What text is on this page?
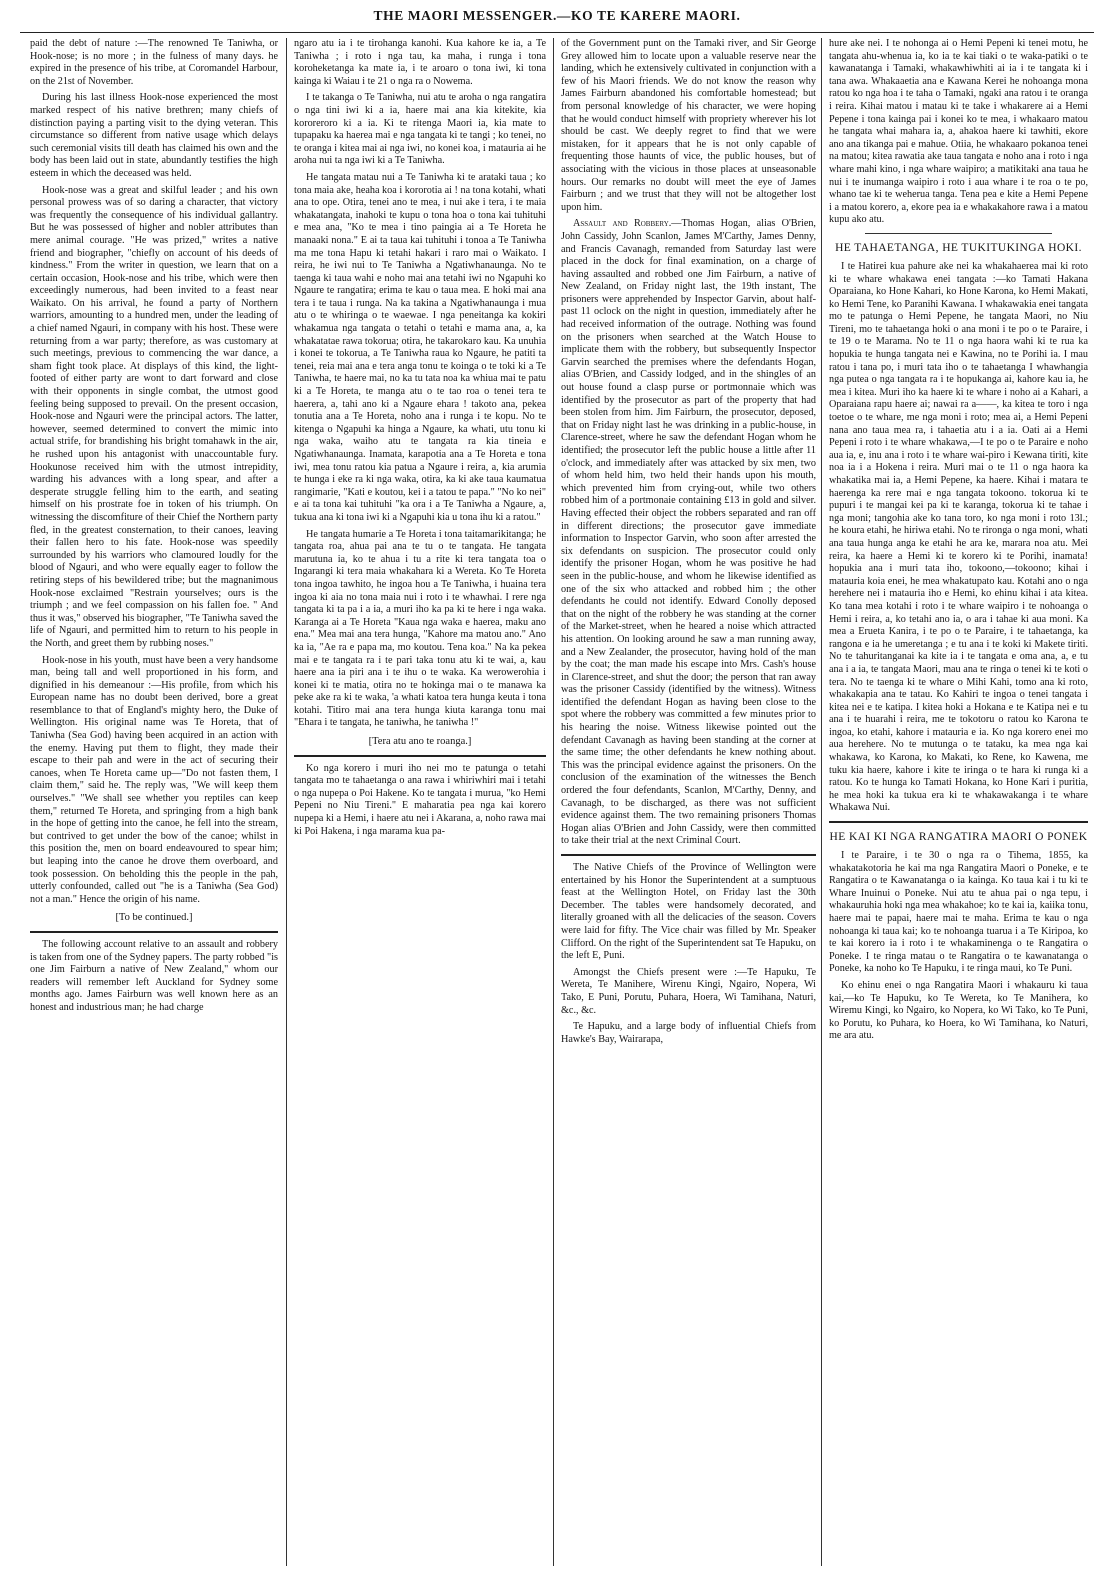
THE MAORI MESSENGER.—KO TE KARERE MAORI.

paid the debt of nature :—The renowned Te Taniwha, or Hook-nose; is no more ; in the fulness of many days. he expired in the presence of his tribe, at Coromandel Harbour, on the 21st of November.

During his last illness Hook-nose experienced the most marked respect of his native brethren; many chiefs of distinction paying a parting visit to the dying veteran. This circumstance so different from native usage which delays such ceremonial visits till death has claimed his own and the body has been laid out in state, abundantly testifies the high esteem in which the deceased was held.

Hook-nose was a great and skilful leader ; and his own personal prowess was of so daring a character, that victory was frequently the consequence of his individual gallantry. But he was possessed of higher and nobler attributes than mere animal courage. "He was prized," writes a native friend and biographer, "chiefly on account of his deeds of kindness." From the writer in question, we learn that on a certain occasion, Hook-nose and his tribe, which were then exceedingly numerous, had been invited to a feast near Waikato. On his arrival, he found a party of Northern warriors, amounting to a hundred men, under the leading of a chief named Ngauri, in company with his host. These were returning from a war party; therefore, as was customary at such meetings, previous to commencing the war dance, a sham fight took place. At displays of this kind, the light-footed of either party are wont to dart forward and close with their opponents in single combat, the utmost good feeling being supposed to prevail. On the present occasion, Hook-nose and Ngauri were the principal actors. The latter, however, seemed determined to convert the mimic into actual strife, for brandishing his bright tomahawk in the air, he rushed upon his antagonist with unaccountable fury. Hookunose received him with the utmost intrepidity, warding his advances with a long spear, and after a desperate struggle felling him to the earth, and seating himself on his prostrate foe in token of his triumph. On witnessing the discomfiture of their Chief the Northern party fled, in the greatest consternation, to their canoes, leaving their fallen hero to his fate. Hook-nose was speedily surrounded by his warriors who clamoured loudly for the blood of Ngauri, and who were equally eager to follow the retiring steps of his bewildered tribe; but the magnanimous Hook-nose exclaimed "Restrain yourselves; ours is the triumph ; and we feel compassion on his fallen foe. " And thus it was," observed his biographer, "Te Taniwha saved the life of Ngauri, and permitted him to return to his people in the North, and greet them by rubbing noses."

Hook-nose in his youth, must have been a very handsome man, being tall and well proportioned in his form, and dignified in his demeanour :—His profile, from which his European name has no doubt been derived, bore a great resemblance to that of England's mighty hero, the Duke of Wellington. His original name was Te Horeta, that of Taniwha (Sea God) having been acquired in an action with the enemy. Having put them to flight, they made their escape to their pah and were in the act of securing their canoes, when Te Horeta came up—"Do not fasten them, I claim them," said he. The reply was, "We will keep them ourselves." "We shall see whether you reptiles can keep them," returned Te Horeta, and springing from a high bank in the hope of getting into the canoe, he fell into the stream, but contrived to get under the bow of the canoe; whilst in this position the, men on board endeavoured to spear him; but leaping into the canoe he drove them overboard, and took possession. On beholding this the people in the pah, utterly confounded, called out "he is a Taniwha (Sea God) not a man." Hence the origin of his name.

[To be continued.]

The following account relative to an assault and robbery is taken from one of the Sydney papers. The party robbed "is one Jim Fairburn a native of New Zealand," whom our readers will remember left Auckland for Sydney some months ago. James Fairburn was well known here as an honest and industrious man; he had charge

ngaro atu ia i te tirohanga kanohi. Kua kahore ke ia, a Te Taniwha ; i roto i nga tau, ka maha, i runga i tona koroheketanga ka mate ia, i te aroaro o tona iwi, ki tona kainga ki Waiau i te 21 o nga ra o Nowema.

I te takanga o Te Taniwha, nui atu te aroha o nga rangatira o nga tini iwi ki a ia, haere mai ana kia kitekite, kia kororeroro ki a ia. Ki te ritenga Maori ia, kia mate to tupapaku ka haerea mai e nga tangata ki te tangi ; ko tenei, no te oranga i kitea mai ai nga iwi, no konei koa, i matauria ai he aroha nui ta nga iwi ki a Te Taniwha.

He tangata matau nui a Te Taniwha ki te arataki taua ; ko tona maia ake, heaha koa i kororotia ai ! na tona kotahi, whati ana to ope. Otira, tenei ano te mea, i nui ake i tera, i te maia whakatangata, inahoki te kupu o tona hoa o tona kai tuhituhi e mea ana, "Ko te mea i tino paingia ai a Te Horeta he manaaki nona." E ai ta taua kai tuhituhi i tonoa a Te Taniwha ma me tona Hapu ki tetahi hakari i raro mai o Waikato. I reira, he iwi nui to Te Taniwha a Ngatiwhanaunga. No te taenga ki taua wahi e noho mai ana tetahi iwi no Ngapuhi ko Ngaure te rangatira; erima te kau o taua mea. E hoki mai ana tera i te taua i runga. Na ka takina a Ngatiwhanaunga i mua atu o te whiringa o te waewae. I nga peneitanga ka kokiri whakamua nga tangata o tetahi o tetahi e mama ana, a, ka whakatatae rawa tokorua; otira, he takarokaro kau. Ka unuhia i konei te tokorua, a Te Taniwha raua ko Ngaure, he patiti ta tenei, reia mai ana e tera anga tonu te koinga o te toki ki a Te Taniwha, te haere mai, no ka tu tata noa ka whiua mai te patu ki a Te Horeta, te manga atu o te tao roa o tenei tera te haerera, a, tahi ano ki a Ngaure ehara ! takoto ana, pekea tonutia ana a Te Horeta, noho ana i runga i te kopu. No te kitenga o Ngapuhi ka hinga a Ngaure, ka whati, utu tonu ki nga waka, waiho atu te tangata ra kia tineia e Ngatiwhanaunga. Inamata, karapotia ana a Te Horeta e tona iwi, mea tonu ratou kia patua a Ngaure i reira, a, kia arumia te hunga i eke ra ki nga waka, otira, ka ki ake taua kaumatua rangimarie, "Kati e koutou, kei i a tatou te papa." "No ko nei" e ai ta tona kai tuhituhi "ka ora i a Te Taniwha a Ngaure, a, tukua ana ki tona iwi ki a Ngapuhi kia u tona ihu ki a ratou."

He tangata humarie a Te Horeta i tona taitamarikitanga; he tangata roa, ahua pai ana te tu o te tangata. He tangata marutuna ia, ko te ahua i tu a rite ki tera tangata toa o Ingarangi ki tera maia whakahara ki a Wereta. Ko Te Horeta tona ingoa tawhito, he ingoa hou a Te Taniwha, i huaina tera ingoa ki aia no tona maia nui i roto i te whawhai. I rere nga tangata ki ta pa i a ia, a muri iho ka pa ki te here i nga waka. Karanga ai a Te Horeta "Kaua nga waka e haerea, maku ano ena." Mea mai ana tera hunga, "Kahore ma matou ano." Ano ka ia, "Ae ra e papa ma, mo koutou. Tena koa." Na ka pekea mai e te tangata ra i te pari taka tonu atu ki te wai, a, kau haere ana ia piri ana i te ihu o te waka. Ka werowerohia i konei ki te matia, otira no te hokinga mai o te manawa ka peke ake ra ki te waka, 'a whati katoa tera hunga keuta i tona kotahi. Titiro mai ana tera hunga kiuta karanga tonu mai "Ehara i te tangata, he taniwha, he taniwha !"

[Tera atu ano te roanga.]

Ko nga korero i muri iho nei mo te patunga o tetahi tangata mo te tahaetanga o ana rawa i whiriwhiri mai i tetahi o nga nupepa o Poi Hakene. Ko te tangata i murua, "ko Hemi Pepeni no Niu Tireni." E maharatia pea nga kai korero nupepa ki a Hemi, i haere atu nei i Akarana, a, noho rawa mai ki Poi Hakena, i nga marama kua pa-

of the Government punt on the Tamaki river, and Sir George Grey allowed him to locate upon a valuable reserve near the landing, which he extensively cultivated in conjunction with a few of his Maori friends. We do not know the reason why James Fairburn abandoned his comfortable homestead; but from personal knowledge of his character, we were hoping that he would conduct himself with propriety wherever his lot should be cast. We deeply regret to find that we were mistaken, for it appears that he is not only capable of frequenting those haunts of vice, the public houses, but of associating with the vicious in those places at unseasonable hours. Our remarks no doubt will meet the eye of James Fairburn ; and we trust that they will not be altogether lost upon him.

Assault and Robbery.—Thomas Hogan, alias O'Brien, John Cassidy, John Scanlon, James M'Carthy, James Denny, and Francis Cavanagh, remanded from Saturday last were placed in the dock for final examination, on a charge of having assaulted and robbed one Jim Fairburn, a native of New Zealand, on Friday night last, the 19th instant, The prisoners were apprehended by Inspector Garvin, about half-past 11 oclock on the night in question, immediately after he had received information of the outrage. Nothing was found on the prisoners when searched at the Watch House to implicate them with the robbery, but subsequently Inspector Garvin searched the premises where the defendants Hogan, alias O'Brien, and Cassidy lodged, and in the shingles of an out house found a clasp purse or portmonnaie which was identified by the prosecutor as part of the property that had been stolen from him. Jim Fairburn, the prosecutor, deposed, that on Friday night last he was drinking in a public-house, in Clarence-street, where he saw the defendant Hogan whom he identified; the prosecutor left the public house a little after 11 o'clock, and immediately after was attacked by six men, two of whom held him, two held their hands upon his mouth, which prevented him from crying-out, while two others robbed him of a portmonaie containing £13 in gold and silver. Having effected their object the robbers separated and ran off in different directions; the prosecutor gave immediate information to Inspector Garvin, who soon after arrested the six defendants on suspicion. The prosecutor could only identify the prisoner Hogan, whom he was positive he had seen in the public-house, and whom he likewise identified as one of the six who attacked and robbed him ; the other defendants he could not identify. Edward Conolly deposed that on the night of the robbery he was standing at the corner of the Market-street, when he heared a noise which attracted his attention. On looking around he saw a man running away, and a New Zealander, the prosecutor, having hold of the man by the coat; the man made his escape into Mrs. Cash's house in Clarence-street, and shut the door; the person that ran away was the prisoner Cassidy (identified by the witness). Witness identified the defendant Hogan as having been close to the spot where the robbery was committed a few minutes prior to his hearing the noise. Witness likewise pointed out the defendant Cavanagh as having been standing at the corner at the same time; the other defendants he knew nothing about. This was the principal evidence against the prisoners. On the conclusion of the examination of the witnesses the Bench ordered the four defendants, Scanlon, M'Carthy, Denny, and Cavanagh, to be discharged, as there was not sufficient evidence against them. The two remaining prisoners Thomas Hogan alias O'Brien and John Cassidy, were then committed to take their trial at the next Criminal Court.

The Native Chiefs of the Province of Wellington were entertained by his Honor the Superintendent at a sumptuous feast at the Wellington Hotel, on Friday last the 30th December. The tables were handsomely decorated, and literally groaned with all the delicacies of the season. Covers were laid for fifty. The Vice chair was filled by Mr. Speaker Clifford. On the right of the Superintendent sat Te Hapuku, on the left E, Puni.

Amongst the Chiefs present were :—Te Hapuku, Te Wereta, Te Manihere, Wirenu Kingi, Ngairo, Nopera, Wi Tako, E Puni, Porutu, Puhara, Hoera, Wi Tamihana, Naturi, &c., &c.

Te Hapuku, and a large body of influential Chiefs from Hawke's Bay, Wairarapa,

hure ake nei. I te nohonga ai o Hemi Pepeni ki tenei motu, he tangata ahu-whenua ia, ko ia te kai tiaki o te waka-patiki o te kawanatanga i Tamaki, whakawhiwhiti ai ia i te tangata ki i tana awa. Whakaaetia ana e Kawana Kerei he nohoanga mona ratou ko nga hoa i te taha o Tamaki, ngaki ana ratou i te oranga i reira. Kihai matou i matau ki te take i whakarere ai a Hemi Pepene i tona kainga pai i konei ko te mea, i whakaaro matou he tangata whai mahara ia, a, ahakoa haere ki tawhiti, ekore ano ana tikanga pai e mahue. Otiia, he whakaaro pokanoa tenei na matou; kitea rawatia ake taua tangata e noho ana i roto i nga whare mahi kino, i nga whare waipiro; a matikitaki ana taua he nui i te inumanga waipiro i roto i aua whare i te roa o te po, whano tae ki te weherua tanga. Tena pea e kite a Hemi Pepene i a matou korero, a, ekore pea ia e whakakahore rawa i a matou kupu ako atu.

HE TAHAETANGA, HE TUKITUKINGA HOKI.

I te Hatirei kua pahure ake nei ka whakahaerea mai ki roto ki te whare whakawa enei tangata :—ko Tamati Hakana Oparaiana, ko Hone Kahari, ko Hone Karona, ko Hemi Makati, ko Hemi Tene, ko Paranihi Kawana. I whakawakia enei tangata mo te patunga o Hemi Pepene, he tangata Maori, no Niu Tireni, mo te tahaetanga hoki o ana moni i te po o te Paraire, i te 19 o te Marama. No te 11 o nga haora wahi ki te rua ka hopukia te hunga tangata nei e Kawina, no te Porihi ia. I mau ratou i tana po, i muri tata iho o te tahaetanga I whawhangia nga putea o nga tangata ra i te hopukanga ai, kahore kau ia, he mea i kitea. Muri iho ka haere ki te whare i noho ai a Kahari, a Oparaiana rapu haere ai; nawai ra a——, ka kitea te toro i nga toetoe o te whare, me nga moni i roto; mea ai, a Hemi Pepeni nana ano taua mea ra, i tahaetia atu i a ia. Oati ai a Hemi Pepeni i roto i te whare whakawa,—I te po o te Paraire e noho aua ia, e, inu ana i roto i te whare wai-piro i Kewana tiriti, kite noa ia i a Hokena i reira. Muri mai o te 11 o nga haora ka whakatika mai ia, a Hemi Pepene, ka haere. Kihai i matara te haerenga ka rere mai e nga tangata tokoono. tokorua ki te pupuri i te mangai kei pa ki te karanga, tokorua ki te tahae i nga moni; tangohia ake ko tana toro, ko nga moni i roto 13l.; he koura etahi, he hiriwa etahi. No te rironga o nga moni, whati ana taua hunga anga ke etahi he ara ke, marara noa atu. Mei reira, ka haere a Hemi ki te korero ki te Porihi, inamata! hopukia ana i muri tata iho, tokoono,—tokoono; kihai i matauria koia enei, he mea whakatupato kau. Kotahi ano o nga herehere nei i matauria iho e Hemi, ko ehinu kihai i ata kitea. Ko tana mea kotahi i roto i te whare waipiro i te nohoanga o Hemi i reira, a, ko tetahi ano ia, o ara i tahae ki aua moni. Ka mea a Erueta Kanira, i te po o te Paraire, i te tahaetanga, ka rangona e ia he umeretanga ; e tu ana i te koki ki Makete tiriti. No te tahuritanganai ka kite ia i te tangata e oma ana, a, e tu ana i a ia, te tangata Maori, mau ana te ringa o tenei ki te koti o tera. No te taenga ki te whare o Mihi Kahi, tomo ana ki roto, whakakapia ana te tatau. Ko Kahiri te ingoa o tenei tangata i kitea nei e te katipa. I kitea hoki a Hokana e te Katipa nei e tu ana i te huarahi i reira, me te tokotoru o ratou ko Karona te ingoa, ko etahi, kahore i matauria e ia. Ko nga korero enei mo aua herehere. No te mutunga o te tataku, ka mea nga kai whakawa, ko Karona, ko Makati, ko Rene, ko Kawena, me tuku kia haere, kahore i kite te iringa o te hara ki runga ki a ratou. Ko te hunga ko Tamati Hokana, ko Hone Kari i puritia, he mea hoki ka tukua era ki te whakawakanga i te whare Whakawa Nui.

HE KAI KI NGA RANGATIRA MAORI O PONEK

I te Paraire, i te 30 o nga ra o Tihema, 1855, ka whakatakotoria he kai ma nga Rangatira Maori o Poneke, e te Rangatira o te Kawanatanga o ia kainga. Ko taua kai i tu ki te Whare Inuinui o Poneke. Nui atu te ahua pai o nga tepu, i whakauruhia hoki nga mea whakahoe; ko te kai ia, kaiika tonu, haere mai te papai, haere mai te maha. Erima te kau o nga nohoanga ki taua kai; ko te nohoanga tuarua i a Te Kiripoa, ko te kai korero ia i roto i te whakaminenga o te Rangatira o Poneke. I te ringa matau o te Rangatira o te kawanatanga o Poneke, ka noho ko Te Hapuku, i te ringa maui, ko Te Puni.

Ko ehinu enei o nga Rangatira Maori i whakauru ki taua kai,—ko Te Hapuku, ko Te Wereta, ko Te Manihera, ko Wiremu Kingi, ko Ngairo, ko Nopera, ko Wi Tako, ko Te Puni, ko Porutu, ko Puhara, ko Hoera, ko Wi Tamihana, ko Naturi, me ara atu.
